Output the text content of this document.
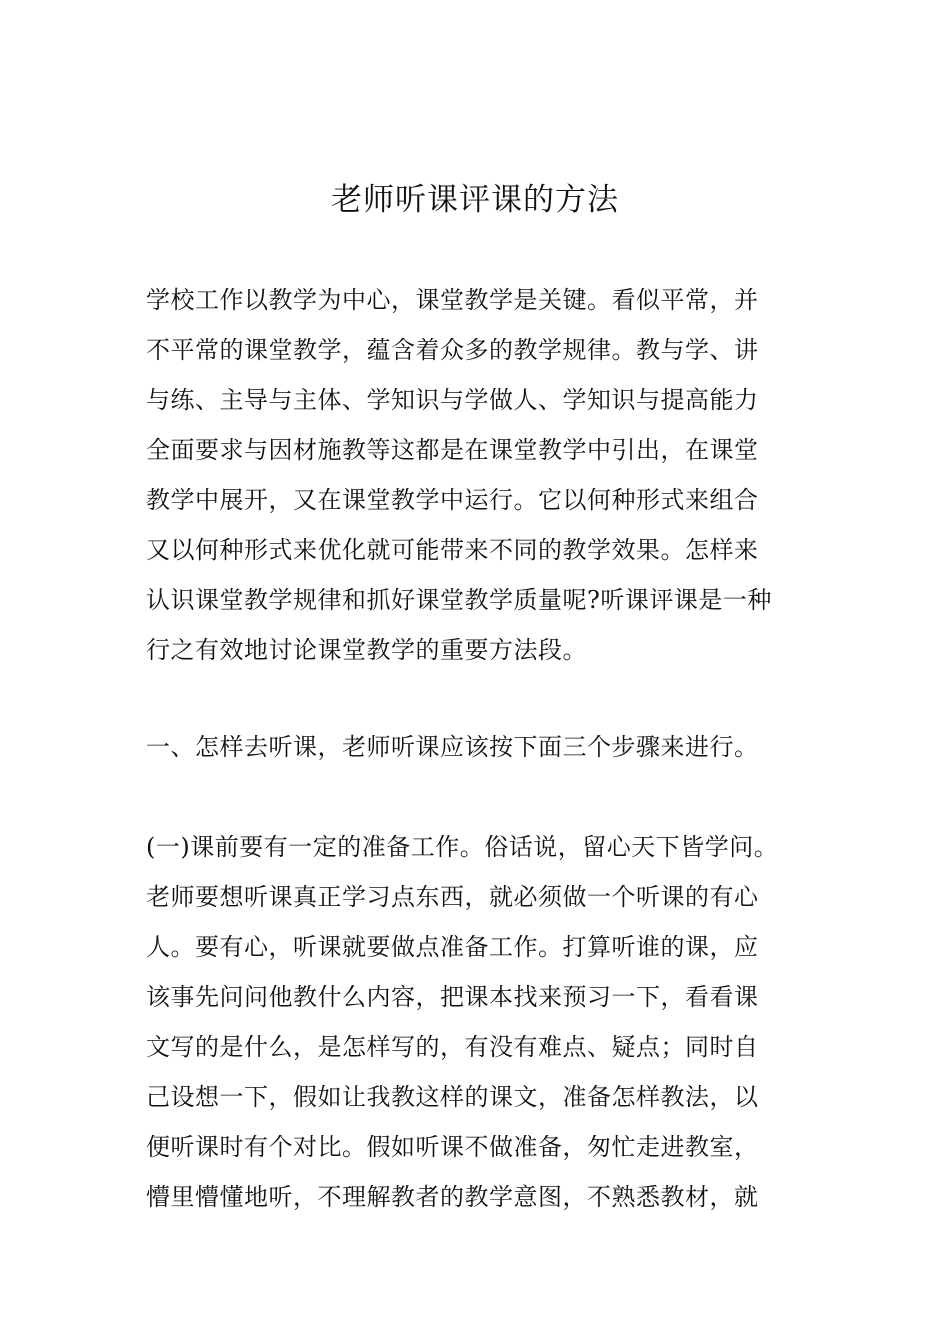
老师听课评课的方法
学校工作以教学为中心，课堂教学是关键。看似平常，并
不平常的课堂教学，蕴含着众多的教学规律。教与学、讲
与练、主导与主体、学知识与学做人、学知识与提高能力
全面要求与因材施教等这都是在课堂教学中引出，在课堂
教学中展开，又在课堂教学中运行。它以何种形式来组合
又以何种形式来优化就可能带来不同的教学效果。怎样来
认识课堂教学规律和抓好课堂教学质量呢?听课评课是一种
行之有效地讨论课堂教学的重要方法段。
一、怎样去听课，老师听课应该按下面三个步骤来进行。
(一)课前要有一定的准备工作。俗话说，留心天下皆学问。
老师要想听课真正学习点东西，就必须做一个听课的有心
人。要有心，听课就要做点准备工作。打算听谁的课，应
该事先问问他教什么内容，把课本找来预习一下，看看课
文写的是什么，是怎样写的，有没有难点、疑点；同时自
己设想一下，假如让我教这样的课文，准备怎样教法，以
便听课时有个对比。假如听课不做准备，匆忙走进教室，
懵里懵懂地听，不理解教者的教学意图，不熟悉教材，就
